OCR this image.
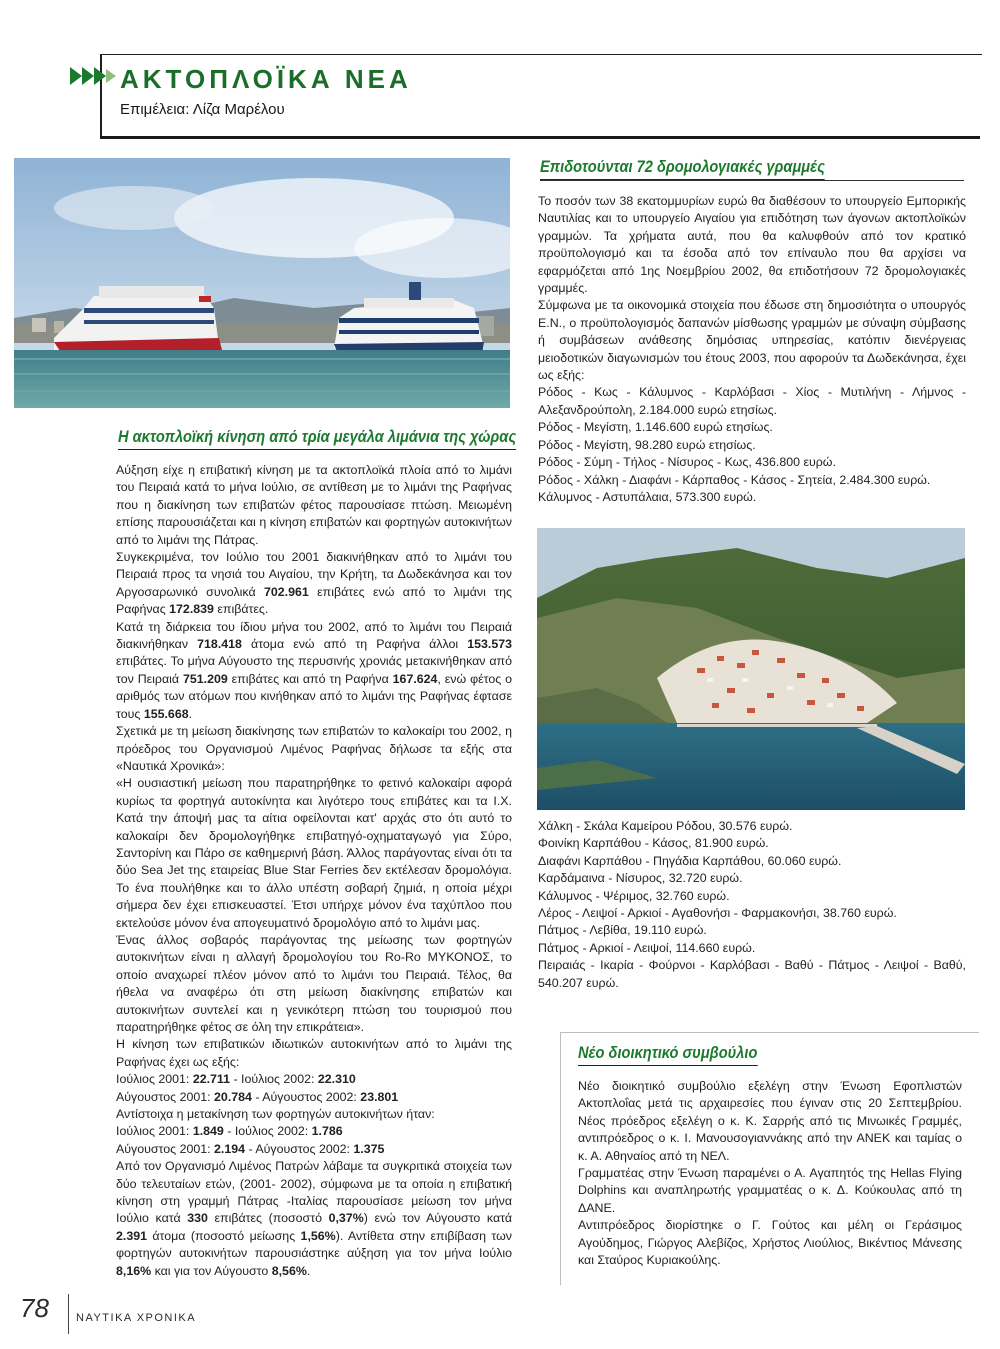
ΑΚΤΟΠΛΟΪΚΑ ΝΕΑ
Επιμέλεια: Λίζα Μαρέλου
Η ακτοπλοϊκή κίνηση από τρία μεγάλα λιμάνια της χώρας

Αύξηση είχε η επιβατική κίνηση με τα ακτοπλοϊκά πλοία από το λιμάνι του Πειραιά κατά το μήνα Ιούλιο, σε αντίθεση με το λιμάνι της Ραφήνας που η διακίνηση των επιβατών φέτος παρουσίασε πτώση. Μειωμένη επίσης παρουσιάζεται και η κίνηση επιβατών και φορτηγών αυτοκινήτων από το λιμάνι της Πάτρας.

Συγκεκριμένα, τον Ιούλιο του 2001 διακινήθηκαν από το λιμάνι του Πειραιά προς τα νησιά του Αιγαίου, την Κρήτη, τα Δωδεκάνησα και τον Αργοσαρωνικό συνολικά 702.961 επιβάτες ενώ από το λιμάνι της Ραφήνας 172.839 επιβάτες.

Κατά τη διάρκεια του ίδιου μήνα του 2002, από το λιμάνι του Πειραιά διακινήθηκαν 718.418 άτομα ενώ από τη Ραφήνα άλλοι 153.573 επιβάτες. Το μήνα Αύγουστο της περυσινής χρονιάς μετακινήθηκαν από τον Πειραιά 751.209 επιβάτες και από τη Ραφήνα 167.624, ενώ φέτος ο αριθμός των ατόμων που κινήθηκαν από το λιμάνι της Ραφήνας έφτασε τους 155.668.

Σχετικά με τη μείωση διακίνησης των επιβατών το καλοκαίρι του 2002, η πρόεδρος του Οργανισμού Λιμένος Ραφήνας δήλωσε τα εξής στα «Ναυτικά Χρονικά»:

«Η ουσιαστική μείωση που παρατηρήθηκε το φετινό καλοκαίρι αφορά κυρίως τα φορτηγά αυτοκίνητα και λιγότερο τους επιβάτες και τα Ι.Χ. Κατά την άποψή μας τα αίτια οφείλονται κατ' αρχάς στο ότι αυτό το καλοκαίρι δεν δρομολογήθηκε επιβατηγό-οχηματαγωγό για Σύρο, Σαντορίνη και Πάρο σε καθημερινή βάση. Άλλος παράγοντας είναι ότι τα δύο Sea Jet της εταιρείας Blue Star Ferries δεν εκτέλεσαν δρομολόγια. Το ένα πουλήθηκε και το άλλο υπέστη σοβαρή ζημιά, η οποία μέχρι σήμερα δεν έχει επισκευαστεί. Έτσι υπήρχε μόνον ένα ταχύπλοο που εκτελούσε μόνον ένα απογευματινό δρομολόγιο από το λιμάνι μας.

Ένας άλλος σοβαρός παράγοντας της μείωσης των φορτηγών αυτοκινήτων είναι η αλλαγή δρομολογίου του Ro-Ro ΜΥΚΟΝΟΣ, το οποίο αναχωρεί πλέον μόνον από το λιμάνι του Πειραιά. Τέλος, θα ήθελα να αναφέρω ότι στη μείωση διακίνησης επιβατών και αυτοκινήτων συντελεί και η γενικότερη πτώση του τουρισμού που παρατηρήθηκε φέτος σε όλη την επικράτεια».

Η κίνηση των επιβατικών ιδιωτικών αυτοκινήτων από το λιμάνι της Ραφήνας έχει ως εξής:

Ιούλιος 2001: 22.711 - Ιούλιος 2002: 22.310

Αύγουστος 2001: 20.784 - Αύγουστος 2002: 23.801

Αντίστοιχα η μετακίνηση των φορτηγών αυτοκινήτων ήταν:

Ιούλιος 2001: 1.849 - Ιούλιος 2002: 1.786

Αύγουστος 2001: 2.194 - Αύγουστος 2002: 1.375

Από τον Οργανισμό Λιμένος Πατρών λάβαμε τα συγκριτικά στοιχεία των δύο τελευταίων ετών, (2001- 2002), σύμφωνα με τα οποία η επιβατική κίνηση στη γραμμή Πάτρας -Ιταλίας παρουσίασε μείωση τον μήνα Ιούλιο κατά 330 επιβάτες (ποσοστό 0,37%) ενώ τον Αύγουστο κατά 2.391 άτομα (ποσοστό μείωσης 1,56%). Αντίθετα στην επιβίβαση των φορτηγών αυτοκινήτων παρουσιάστηκε αύξηση για τον μήνα Ιούλιο 8,16% και για τον Αύγουστο 8,56%.

Επιδοτούνται 72 δρομολογιακές γραμμές

Το ποσόν των 38 εκατομμυρίων ευρώ θα διαθέσουν το υπουργείο Εμπορικής Ναυτιλίας και το υπουργείο Αιγαίου για επιδότηση των άγονων ακτοπλοϊκών γραμμών. Τα χρήματα αυτά, που θα καλυφθούν από τον κρατικό προϋπολογισμό και τα έσοδα από τον επίναυλο που θα αρχίσει να εφαρμόζεται από 1ης Νοεμβρίου 2002, θα επιδοτήσουν 72 δρομολογιακές γραμμές.

Σύμφωνα με τα οικονομικά στοιχεία που έδωσε στη δημοσιότητα ο υπουργός Ε.Ν., ο προϋπολογισμός δαπανών μίσθωσης γραμμών με σύναψη σύμβασης ή συμβάσεων ανάθεσης δημόσιας υπηρεσίας, κατόπιν διενέργειας μειοδοτικών διαγωνισμών του έτους 2003, που αφορούν τα Δωδεκάνησα, έχει ως εξής:

Ρόδος - Κως - Κάλυμνος - Καρλόβασι - Χίος - Μυτιλήνη - Λήμνος - Αλεξανδρούπολη, 2.184.000 ευρώ ετησίως.

Ρόδος - Μεγίστη, 1.146.600 ευρώ ετησίως.

Ρόδος - Μεγίστη, 98.280 ευρώ ετησίως.

Ρόδος - Σύμη - Τήλος - Νίσυρος - Κως, 436.800 ευρώ.

Ρόδος - Χάλκη - Διαφάνι - Κάρπαθος - Κάσος - Σητεία, 2.484.300 ευρώ.

Κάλυμνος - Αστυπάλαια, 573.300 ευρώ.

Χάλκη - Σκάλα Καμείρου Ρόδου, 30.576 ευρώ.

Φοινίκη Καρπάθου - Κάσος, 81.900 ευρώ.

Διαφάνι Καρπάθου - Πηγάδια Καρπάθου, 60.060 ευρώ.

Καρδάμαινα - Νίσυρος, 32.720 ευρώ.

Κάλυμνος - Ψέριμος, 32.760 ευρώ.

Λέρος - Λειψοί - Αρκιοί - Αγαθονήσι - Φαρμακονήσι, 38.760 ευρώ.

Πάτμος - Λεβίθα, 19.110 ευρώ.

Πάτμος - Αρκιοί - Λειψοί, 114.660 ευρώ.

Πειραιάς - Ικαρία - Φούρνοι - Καρλόβασι - Βαθύ - Πάτμος - Λειψοί - Βαθύ, 540.207 ευρώ.

Νέο διοικητικό συμβούλιο

Νέο διοικητικό συμβούλιο εξελέγη στην Ένωση Εφοπλιστών Ακτοπλοΐας μετά τις αρχαιρεσίες που έγιναν στις 20 Σεπτεμβρίου. Νέος πρόεδρος εξελέγη ο κ. Κ. Σαρρής από τις Μινωικές Γραμμές, αντιπρόεδρος ο κ. Ι. Μανουσογιαννάκης από την ΑΝΕΚ και ταμίας ο κ. Α. Αθηναίος από τη ΝΕΛ.

Γραμματέας στην Ένωση παραμένει ο Α. Αγαπητός της Hellas Flying Dolphins και αναπληρωτής γραμματέας ο κ. Δ. Κούκουλας από τη ΔΑΝΕ.

Αντιπρόεδρος διορίστηκε ο Γ. Γούτος και μέλη οι Γεράσιμος Αγούδημος, Γιώργος Αλεβίζος, Χρήστος Λιούλιος, Βικέντιος Μάνεσης και Σταύρος Κυριακούλης.

78 ΝΑΥΤΙΚΑ ΧΡΟΝΙΚΑ
